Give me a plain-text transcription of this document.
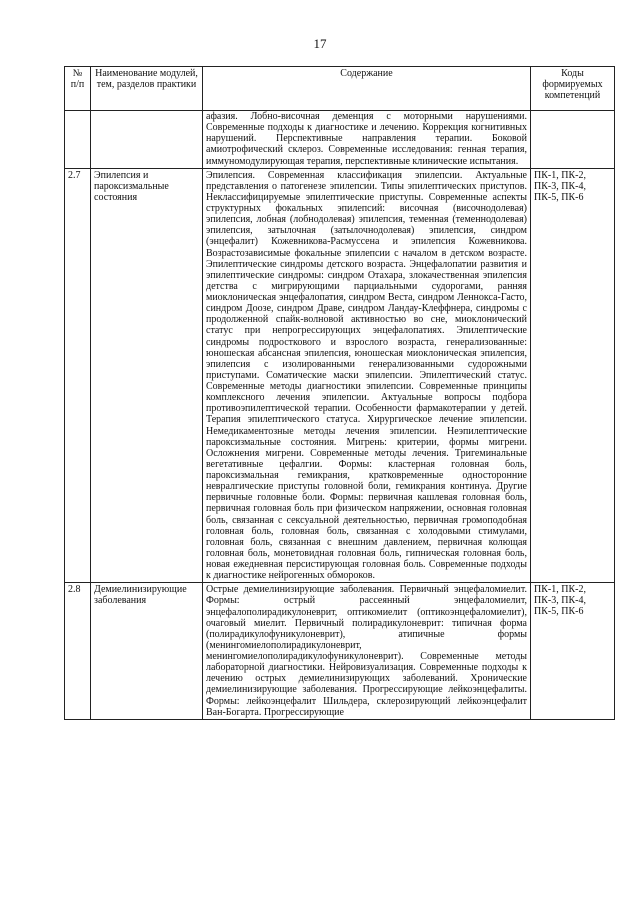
17
№ п/п	Наименование модулей, тем, разделов практики	Содержание	Коды формируемых компетенций
		афазия. Лобно-височная деменция с моторными нарушениями. Современные подходы к диагностике и лечению. Коррекция когнитивных нарушений. Перспективные направления терапии. Боковой амиотрофический склероз. Современные исследования: генная терапия, иммуномодулирующая терапия, перспективные клинические испытания.	
2.7	Эпилепсия и пароксизмальные состояния	Эпилепсия. Современная классификация эпилепсии. Актуальные представления о патогенезе эпилепсии. Типы эпилептических приступов. Неклассифицируемые эпилептические приступы. Современные аспекты структурных фокальных эпилепсий: височная (височнодолевая) эпилепсия, лобная (лобнодолевая) эпилепсия, теменная (теменнодолевая) эпилепсия, затылочная (затылочнодолевая) эпилепсия, синдром (энцефалит) Кожевникова-Расмуссена и эпилепсия Кожевникова. Возрастозависимые фокальные эпилепсии с началом в детском возрасте. Эпилептические синдромы детского возраста. Энцефалопатии развития и эпилептические синдромы: синдром Отахара, злокачественная эпилепсия детства с мигрирующими парциальными судорогами, ранняя миоклоническая энцефалопатия, синдром Веста, синдром Леннокса-Гасто, синдром Доозе, синдром Драве, синдром Ландау-Клеффнера, синдромы с продолженной спайк-волновой активностью во сне, миоклонический статус при непрогрессирующих энцефалопатиях. Эпилептические синдромы подросткового и взрослого возраста, генерализованные: юношеская абсансная эпилепсия, юношеская миоклоническая эпилепсия, эпилепсия с изолированными генерализованными судорожными приступами. Соматические маски эпилепсии. Эпилептический статус. Современные методы диагностики эпилепсии. Современные принципы комплексного лечения эпилепсии. Актуальные вопросы подбора противоэпилептической терапии. Особенности фармакотерапии у детей. Терапия эпилептического статуса. Хирургическое лечение эпилепсии. Немедикаментозные методы лечения эпилепсии. Неэпилептические пароксизмальные состояния. Мигрень: критерии, формы мигрени. Осложнения мигрени. Современные методы лечения. Тригеминальные вегетативные цефалгии. Формы: кластерная головная боль, пароксизмальная гемикрания, кратковременные односторонние невралгические приступы головной боли, гемикрания континуа. Другие первичные головные боли. Формы: первичная кашлевая головная боль, первичная головная боль при физическом напряжении, основная головная боль, связанная с сексуальной деятельностью, первичная громоподобная головная боль, головная боль, связанная с холодовыми стимулами, головная боль, связанная с внешним давлением, первичная колющая головная боль, монетовидная головная боль, гипническая головная боль, новая ежедневная персистирующая головная боль. Современные подходы к диагностике нейрогенных обмороков.	ПК-1, ПК-2, ПК-3, ПК-4, ПК-5, ПК-6
2.8	Демиелинизирующие заболевания	Острые демиелинизирующие заболевания. Первичный энцефаломиелит. Формы: острый рассеянный энцефаломиелит, энцефалополирадикулоневрит, оптикомиелит (оптикоэнцефаломиелит), очаговый миелит. Первичный полирадикулоневрит: типичная форма (полирадикулофуникулоневрит), атипичные формы (менингомиелополирадикулоневрит, менингомиелополирадикулофуникулоневрит). Современные методы лабораторной диагностики. Нейровизуализация. Современные подходы к лечению острых демиелинизирующих заболеваний. Хронические демиелинизирующие заболевания. Прогрессирующие лейкоэнцефалиты. Формы: лейкоэнцефалит Шильдера, склерозирующий лейкоэнцефалит Ван-Богарта. Прогрессирующие	ПК-1, ПК-2, ПК-3, ПК-4, ПК-5, ПК-6
